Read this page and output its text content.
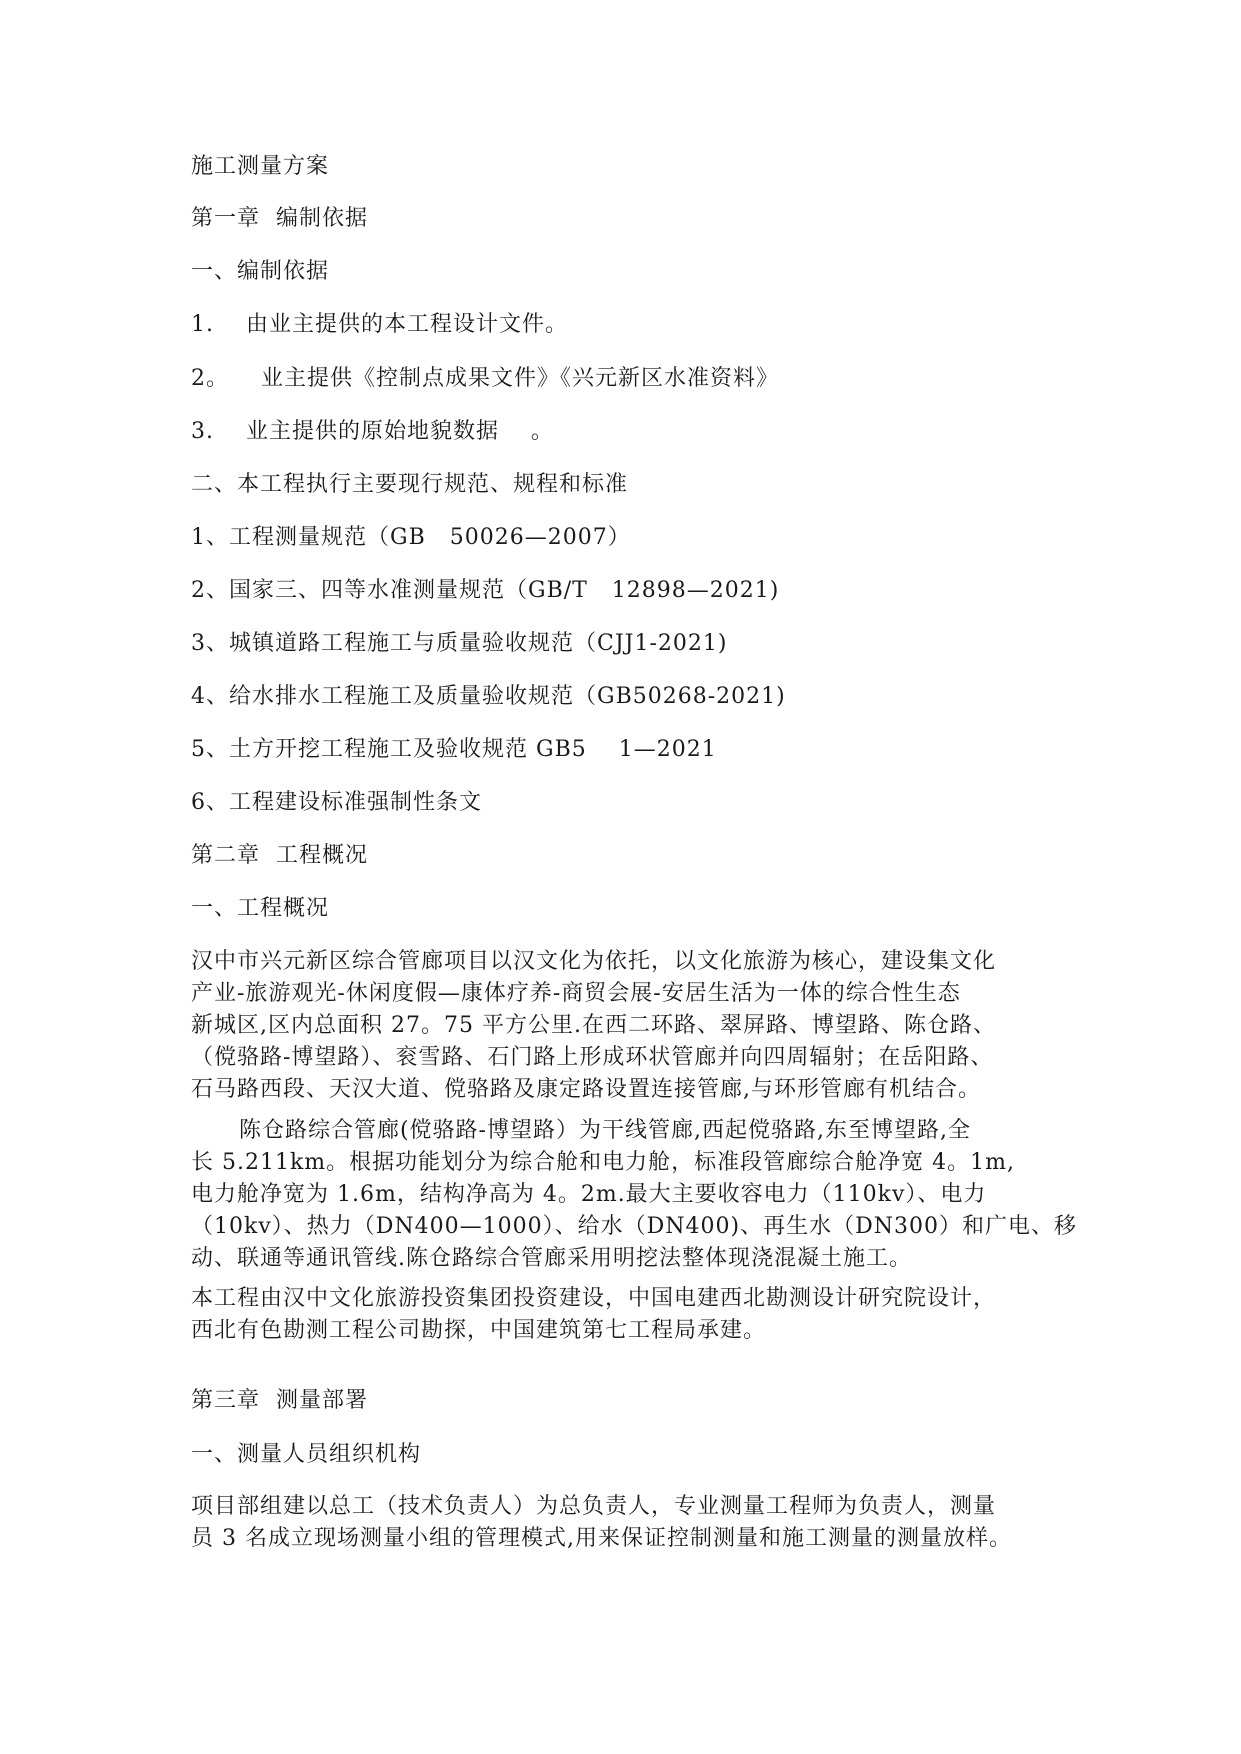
施工测量方案
第一章  编制依据
一、编制依据
1.    由业主提供的本工程设计文件。
2。    业主提供《控制点成果文件》《兴元新区水准资料》
3.    业主提供的原始地貌数据    。
二、本工程执行主要现行规范、规程和标准
1、工程测量规范（GB   50026—2007）
2、国家三、四等水准测量规范（GB/T   12898—2021)
3、城镇道路工程施工与质量验收规范（CJJ1-2021)
4、给水排水工程施工及质量验收规范（GB50268-2021)
5、土方开挖工程施工及验收规范 GB5    1—2021
6、工程建设标准强制性条文
第二章  工程概况
一、工程概况

汉中市兴元新区综合管廊项目以汉文化为依托，以文化旅游为核心，建设集文化

产业-旅游观光-休闲度假—康体疗养-商贸会展-安居生活为一体的综合性生态

新城区,区内总面积 27。75 平方公里.在西二环路、翠屏路、博望路、陈仓路、

（傥骆路-博望路）、衮雪路、石门路上形成环状管廊并向四周辐射；在岳阳路、

石马路西段、天汉大道、傥骆路及康定路设置连接管廊,与环形管廊有机结合。

陈仓路综合管廊(傥骆路-博望路）为干线管廊,西起傥骆路,东至博望路,全

长 5.211km。根据功能划分为综合舱和电力舱，标准段管廊综合舱净宽 4。1m,

电力舱净宽为 1.6m，结构净高为 4。2m.最大主要收容电力（110kv）、电力

（10kv）、热力（DN400—1000）、给水（DN400)、再生水（DN300）和广电、移

动、联通等通讯管线.陈仓路综合管廊采用明挖法整体现浇混凝土施工。

本工程由汉中文化旅游投资集团投资建设，中国电建西北勘测设计研究院设计，

西北有色勘测工程公司勘探，中国建筑第七工程局承建。

第三章  测量部署
一、测量人员组织机构

项目部组建以总工（技术负责人）为总负责人，专业测量工程师为负责人，测量

员 3 名成立现场测量小组的管理模式,用来保证控制测量和施工测量的测量放样。
